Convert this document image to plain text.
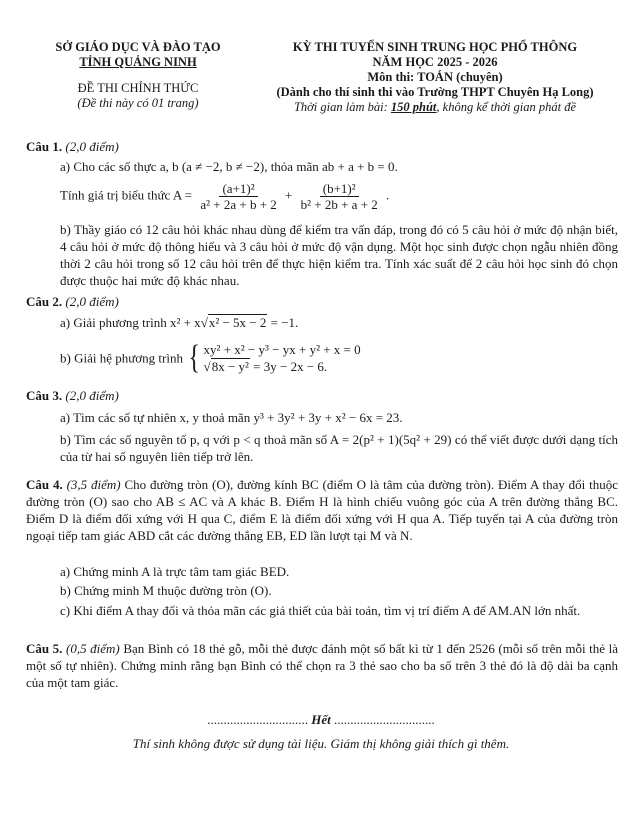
SỞ GIÁO DỤC VÀ ĐÀO TẠO
TỈNH QUẢNG NINH
ĐỀ THI CHÍNH THỨC
(Đề thi này có 01 trang)
KỲ THI TUYỂN SINH TRUNG HỌC PHỔ THÔNG
NĂM HỌC 2025 - 2026
Môn thi: TOÁN (chuyên)
(Dành cho thí sinh thi vào Trường THPT Chuyên Hạ Long)
Thời gian làm bài: 150 phút, không kể thời gian phát đề
Câu 1. (2,0 điểm)
a) Cho các số thực a, b (a ≠ −2, b ≠ −2), thỏa mãn ab + a + b = 0.
Tính giá trị biểu thức $A = \frac{\text{(a+1)²}}{\text{a² + 2a + b + 2}} + \frac{\text{(b+1)²}}{\text{b² + 2b + a + 2}}$ .
b) Thầy giáo có 12 câu hỏi khác nhau dùng để kiểm tra vấn đáp, trong đó có 5 câu hỏi ở mức độ nhận biết, 4 câu hỏi ở mức độ thông hiểu và 3 câu hỏi ở mức độ vận dụng. Một học sinh được chọn ngẫu nhiên đồng thời 2 câu hỏi trong số 12 câu hỏi trên để thực hiện kiểm tra. Tính xác suất để 2 câu hỏi học sinh đó chọn được thuộc hai mức độ khác nhau.
Câu 2. (2,0 điểm)
a) Giải phương trình x² + x√x² − 5x − 2 = −1.
b) Giải hệ phương trình { xy² + x² − y³ − yx + y² + x = 0
√8x − y² = 3y − 2x − 6.
Câu 3. (2,0 điểm)
a) Tìm các số tự nhiên x, y thoả mãn y³ + 3y² + 3y + x² − 6x = 23.
b) Tìm các số nguyên tố p, q với p < q thoả mãn số A = 2(p² + 1)(5q² + 29) có thể viết được dưới dạng tích của từ hai số nguyên liên tiếp trở lên.
Câu 4. (3,5 điểm) Cho đường tròn (O), đường kính BC (điểm O là tâm của đường tròn). Điểm A thay đổi thuộc đường tròn (O) sao cho AB ≤ AC và A khác B. Điểm H là hình chiếu vuông góc của A trên đường thẳng BC. Điểm D là điểm đối xứng với H qua C, điểm E là điểm đối xứng với H qua A. Tiếp tuyến tại A của đường tròn ngoại tiếp tam giác ABD cắt các đường thẳng EB, ED lần lượt tại M và N.
a) Chứng minh A là trực tâm tam giác BED.
b) Chứng minh M thuộc đường tròn (O).
c) Khi điểm A thay đổi và thỏa mãn các giả thiết của bài toán, tìm vị trí điểm A để AM.AN lớn nhất.
Câu 5. (0,5 điểm) Bạn Bình có 18 thẻ gỗ, mỗi thẻ được đánh một số bất kì từ 1 đến 2526 (mỗi số trên mỗi thẻ là một số tự nhiên). Chứng minh rằng bạn Bình có thể chọn ra 3 thẻ sao cho ba số trên 3 thẻ đó là độ dài ba cạnh của một tam giác.
............................... Hết ...............................
Thí sinh không được sử dụng tài liệu. Giám thị không giải thích gì thêm.
